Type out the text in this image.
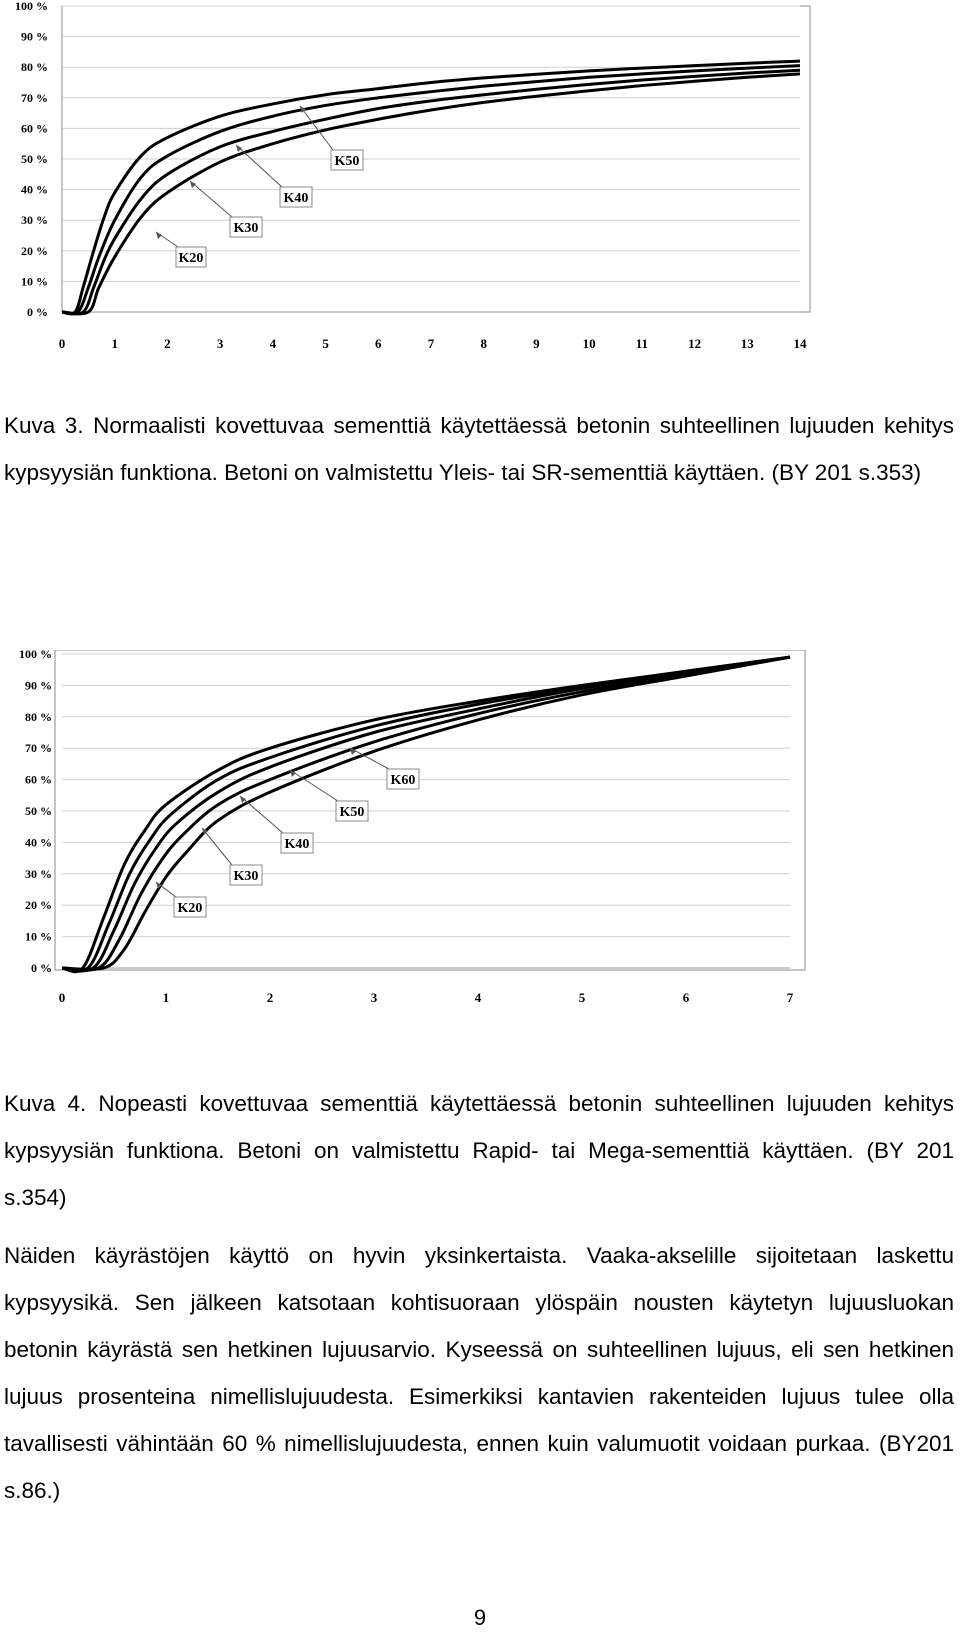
0 %
10 %
20 %
30 %
40 %
50 %
60 %
70 %
80 %
90 %
100 %
0	1	2	3	4	5	6	7	8	9	10	11	12	13	14
K20
K30
K40
K50
Kuva 3. Normaalisti kovettuvaa sementtiä käytettäessä betonin suhteellinen lujuuden kehitys kypsyysiän funktiona. Betoni on valmistettu Yleis- tai SR-sementtiä käyttäen. (BY 201 s.353)
0 %
10 %
20 %
30 %
40 %
50 %
60 %
70 %
80 %
90 %
100 %
0	1	2	3	4	5	6	7
K20
K30
K40
K50
K60
Kuva 4. Nopeasti kovettuvaa sementtiä käytettäessä betonin suhteellinen lujuuden kehitys kypsyysiän funktiona. Betoni on valmistettu Rapid- tai Mega-sementtiä käyttäen. (BY 201 s.354)
Näiden käyrästöjen käyttö on hyvin yksinkertaista. Vaaka-akselille sijoitetaan laskettu kypsyysikä. Sen jälkeen katsotaan kohtisuoraan ylöspäin nousten käytetyn lujuusluokan betonin käyrästä sen hetkinen lujuusarvio. Kyseessä on suhteellinen lujuus, eli sen hetkinen lujuus prosenteina nimellislujuudesta. Esimerkiksi kantavien rakenteiden lujuus tulee olla tavallisesti vähintään 60 % nimellislujuudesta, ennen kuin valumuotit voidaan purkaa. (BY201 s.86.)
9
